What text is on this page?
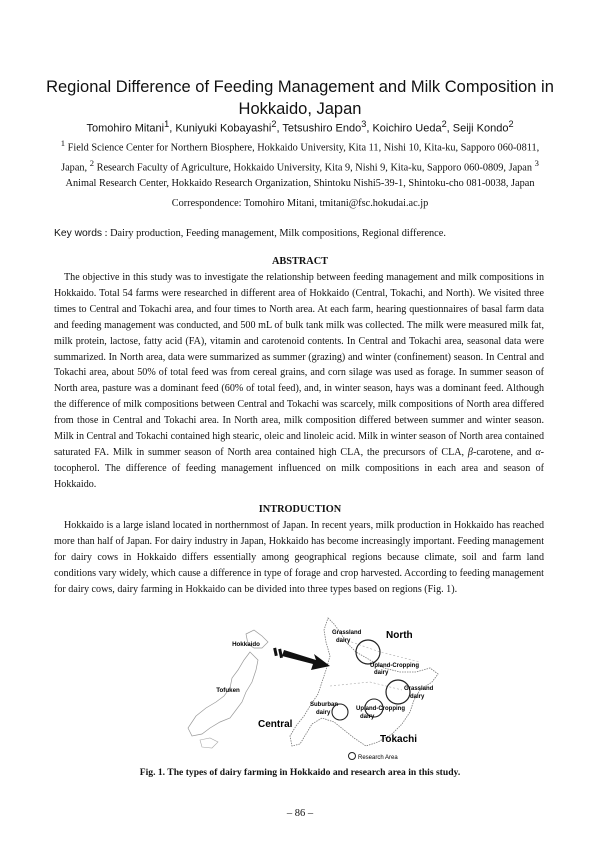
Regional Difference of Feeding Management and Milk Composition in Hokkaido, Japan
Tomohiro Mitani$^1$, Kuniyuki Kobayashi$^2$, Tetsushiro Endo$^3$, Koichiro Ueda$^2$, Seiji Kondo$^2$
$^1$ Field Science Center for Northern Biosphere, Hokkaido University, Kita 11, Nishi 10, Kita-ku, Sapporo 060-0811, Japan, $^2$ Research Faculty of Agriculture, Hokkaido University, Kita 9, Nishi 9, Kita-ku, Sapporo 060-0809, Japan $^3$ Animal Research Center, Hokkaido Research Organization, Shintoku Nishi5-39-1, Shintoku-cho 081-0038, Japan
Correspondence: Tomohiro Mitani, tmitani@fsc.hokudai.ac.jp
Key words : Dairy production, Feeding management, Milk compositions, Regional difference.
ABSTRACT

The objective in this study was to investigate the relationship between feeding management and milk compositions in Hokkaido. Total 54 farms were researched in different area of Hokkaido (Central, Tokachi, and North). We visited three times to Central and Tokachi area, and four times to North area. At each farm, hearing questionnaires of basal farm data and feeding management was conducted, and 500 mL of bulk tank milk was collected. The milk were measured milk fat, milk protein, lactose, fatty acid (FA), vitamin and carotenoid contents. In Central and Tokachi area, seasonal data were summarized. In North area, data were summarized as summer (grazing) and winter (confinement) season. In Central and Tokachi area, about 50% of total feed was from cereal grains, and corn silage was used as forage. In summer season of North area, pasture was a dominant feed (60% of total feed), and, in winter season, hays was a dominant feed. Although the difference of milk compositions between Central and Tokachi was scarcely, milk compositions of North area differed from those in Central and Tokachi area. In North area, milk composition differed between summer and winter season. Milk in Central and Tokachi contained high stearic, oleic and linoleic acid. Milk in winter season of North area contained saturated FA. Milk in summer season of North area contained high CLA, the precursors of CLA, β-carotene, and α-tocopherol. The difference of feeding management influenced on milk compositions in each area and season of Hokkaido.

INTRODUCTION

Hokkaido is a large island located in northernmost of Japan. In recent years, milk production in Hokkaido has reached more than half of Japan. For dairy industry in Japan, Hokkaido has become increasingly important. Feeding management for dairy cows in Hokkaido differs essentially among geographical regions because climate, soil and farm land conditions vary widely, which cause a difference in type of forage and crop harvested. According to feeding management for dairy cows, dairy farming in Hokkaido can be divided into three types based on regions (Fig. 1).

Hokkaido
Tofuken
Grassland
dairy	North
Upland-Cropping
dairy
Grassland
dairy
Suburban
dairy
Upland-Cropping
dairy
Central
Tokachi
Research Area
Fig. 1. The types of dairy farming in Hokkaido and research area in this study.
‒ 86 ‒
